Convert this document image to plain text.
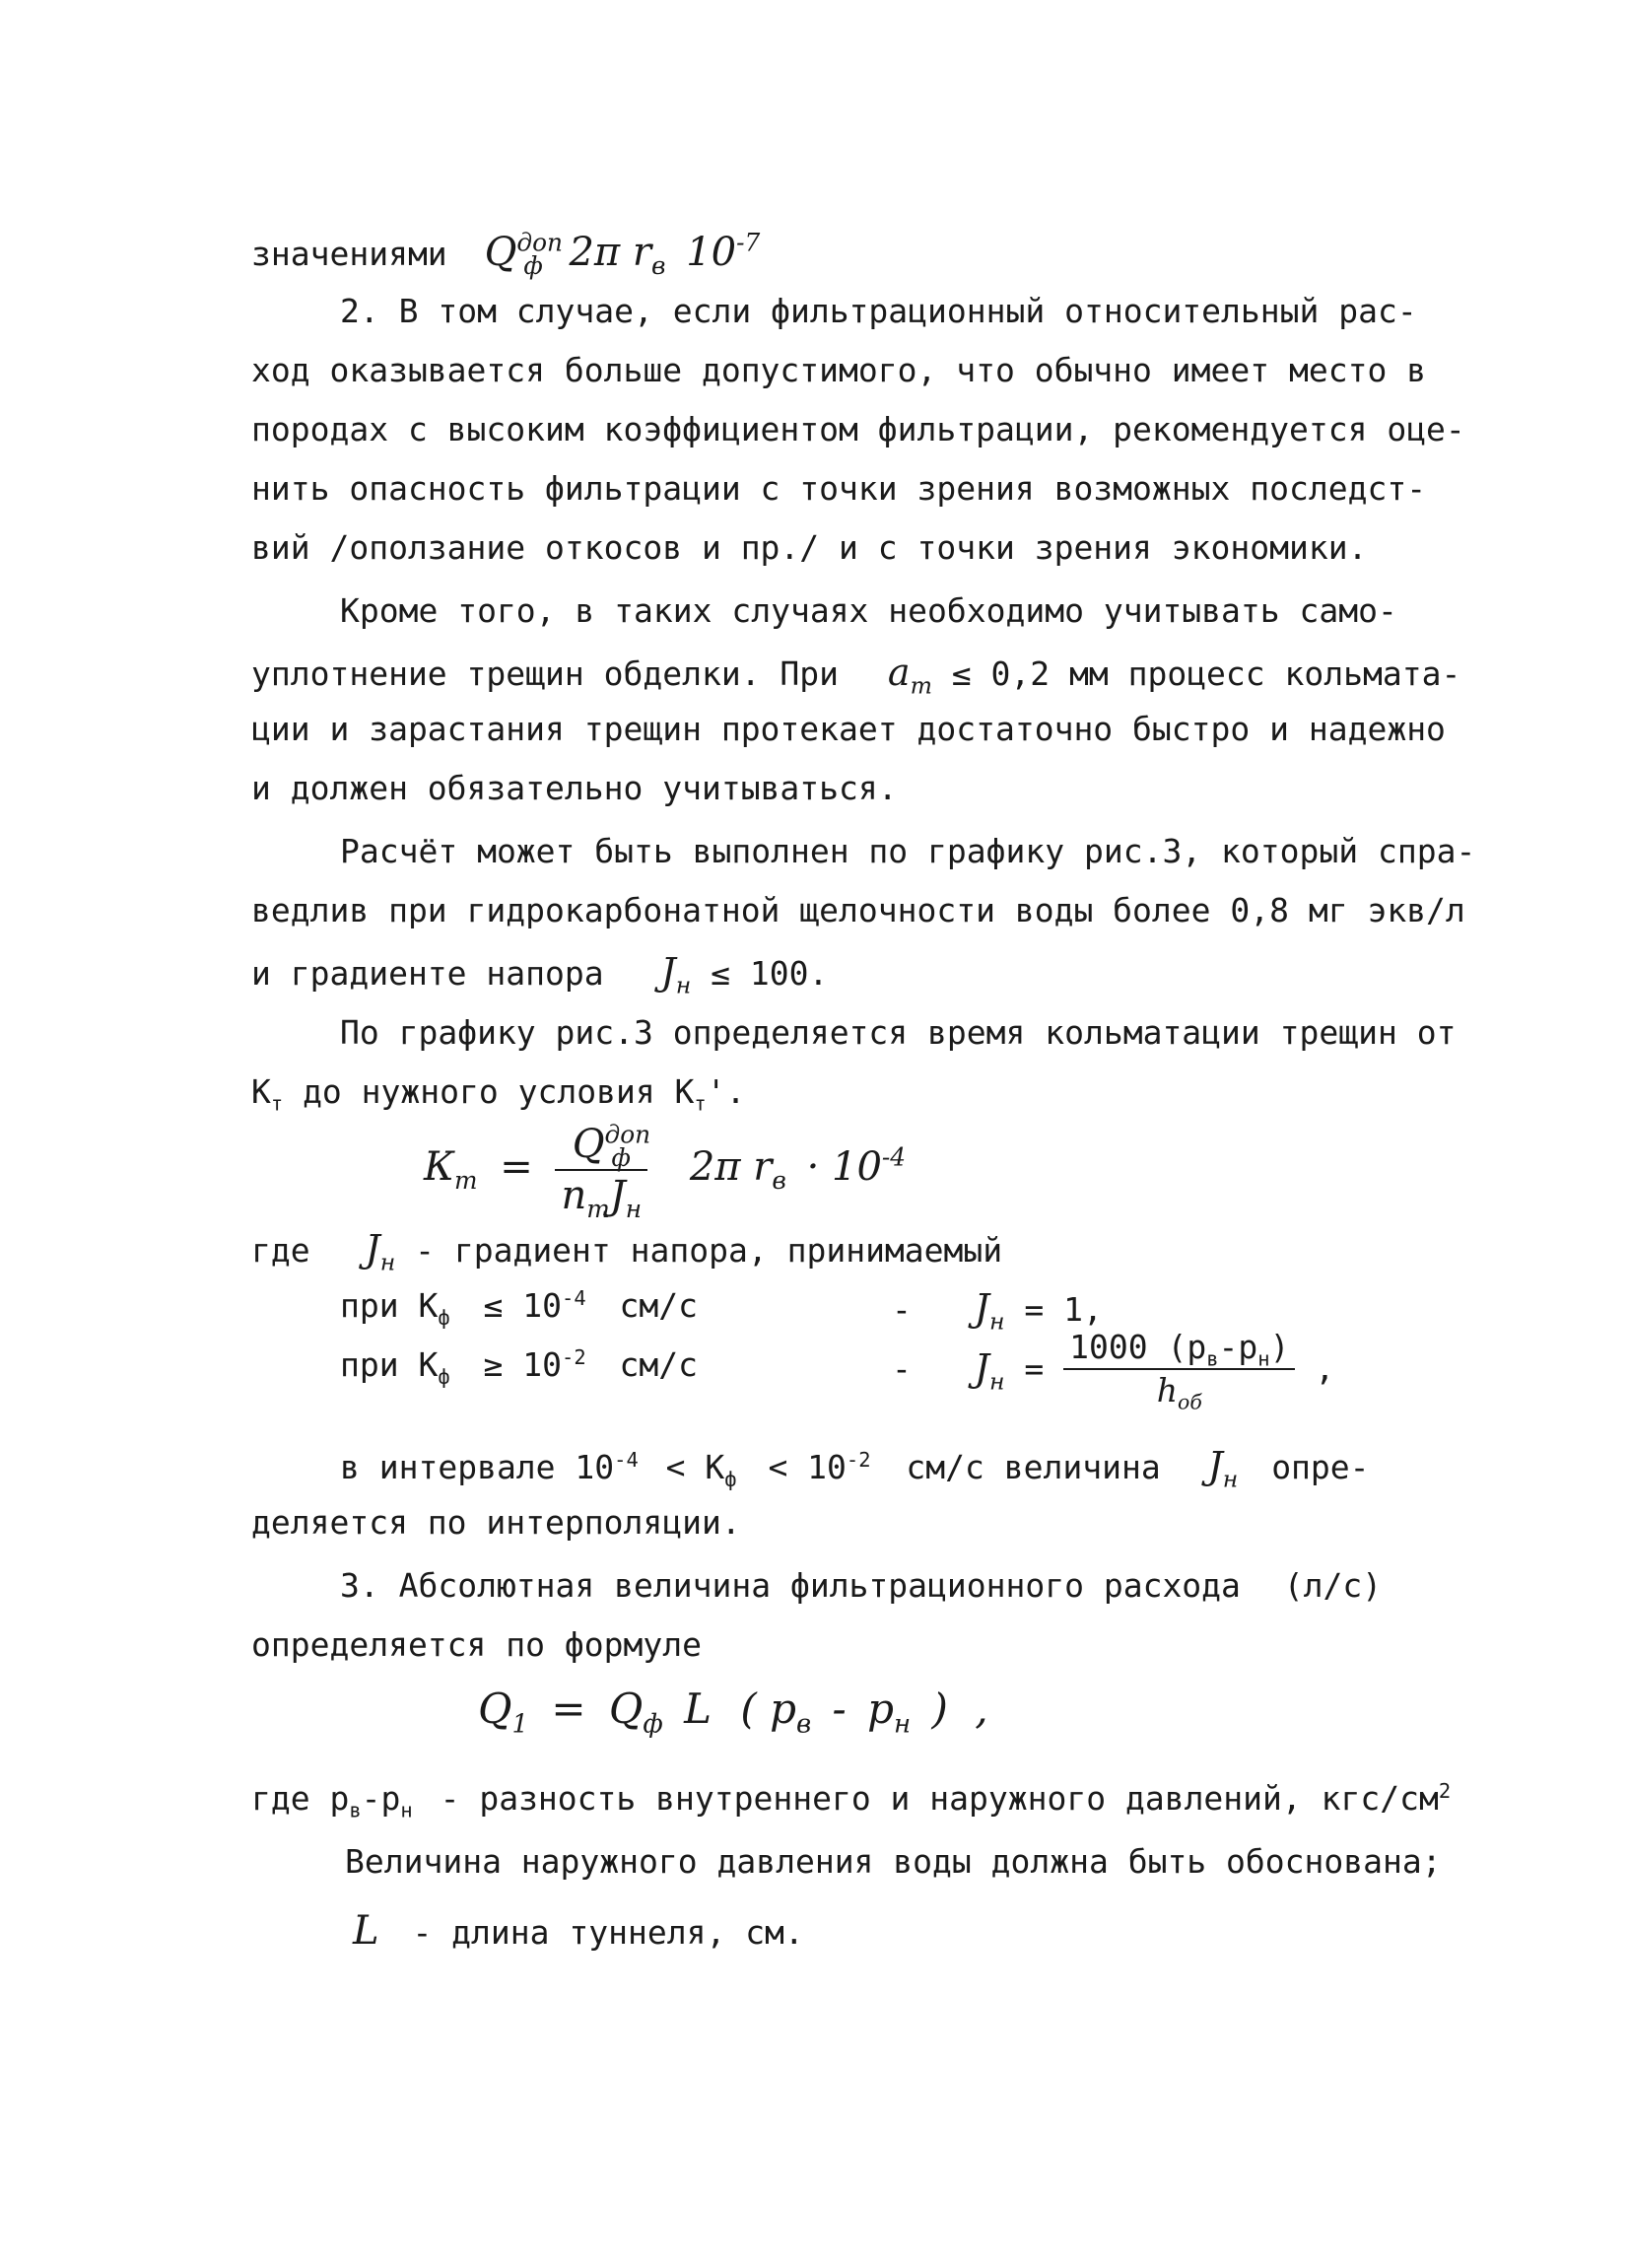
значениями $Q^{доп}_ф$ 2π $r_в$ $10^{-7}$
2. В том случае, если фильтрационный относительный рас-
ход оказывается больше допустимого, что обычно имеет место в
породах с высоким коэффициентом фильтрации, рекомендуется оце-
нить опасность фильтрации с точки зрения возможных последст-
вий /оползание откосов и пр./ и с точки зрения экономики.
Кроме того, в таких случаях необходимо учитывать само-
уплотнение трещин обделки. При $а_т \le 0,2$ мм процесс кольмата-
ции и зарастания трещин протекает достаточно быстро и надежно
и должен обязательно учитываться.
Расчёт может быть выполнен по графику рис.3, который спра-
ведлив при гидрокарбонатной щелочности воды более 0,8 мг экв/л
и градиенте напора $J_н \le 100$.
По графику рис.3 определяется время кольматации трещин от
$К_т$ до нужного условия $К_т'$.
$К_т = \frac{Q^{доп}_ф}{n_тJ_н} 2\pi$ $r_в \cdot 10^{-4}$
где $J_н$ - градиент напора, принимаемый
при $К_ф \le 10^{-4}$ см/с	- $J_н = 1$,
при $К_ф \ge 10^{-2}$ см/с	- $J_н = \frac{1000 (р_в-р_н)}{h_{об}}$ ,
в интервале $10^{-4} < К_ф < 10^{-2}$ см/с величина $J_н$ опре-
деляется по интерполяции.
3. Абсолютная величина фильтрационного расхода (л/с)
определяется по формуле
$Q_1 = Q_ф$ L ( $р_в - р_н$ ) ,
где $р_в-р_н$ - разность внутреннего и наружного давлений, кгс/$см^2$
Величина наружного давления воды должна быть обоснована;
L - длина туннеля, см.
